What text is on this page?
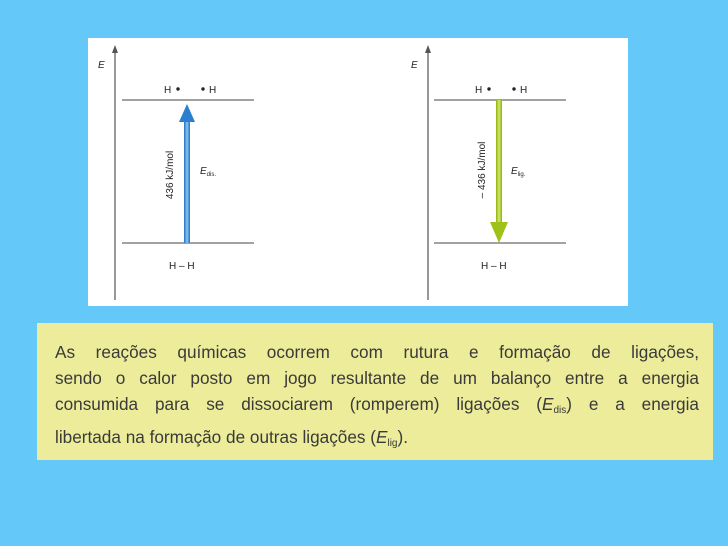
E
H	H
H – H
436 kJ/mol $E_{dis.}$
E
H	H
H – H
– 436 kJ/mol $E_{lig.}$
As reações químicas ocorrem com rutura e formação de ligações,
sendo o calor posto em jogo resultante de um balanço entre a energia
consumida para se dissociarem (romperem) ligações $(E_{dis})$ e a energia
libertada na formação de outras ligações $(E_{lig})$.
